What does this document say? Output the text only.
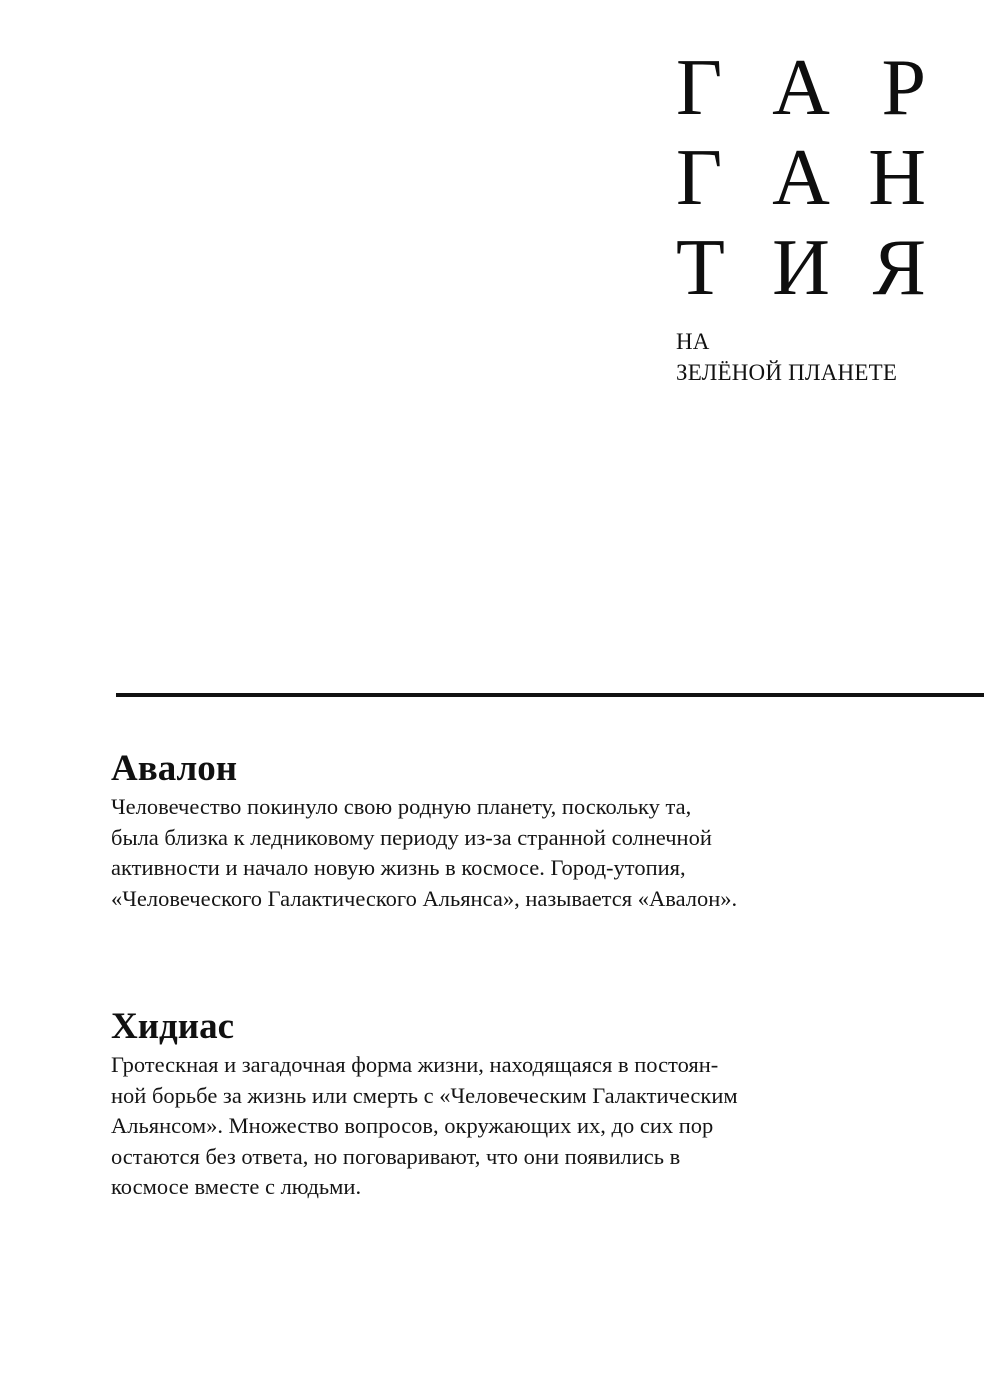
Г А Р
Г А Н
Т И Я
НА
ЗЕЛЁНОЙ ПЛАНЕТЕ
Авалон

Человечество покинуло свою родную планету, поскольку та,
была близка к ледниковому периоду из-за странной солнечной
активности и начало новую жизнь в космосе. Город-утопия,
«Человеческого Галактического Альянса», называется «Авалон».

Хидиас

Гротескная и загадочная форма жизни, находящаяся в постоян-
ной борьбе за жизнь или смерть с «Человеческим Галактическим
Альянсом». Множество вопросов, окружающих их, до сих пор
остаются без ответа, но поговаривают, что они появились в
космосе вместе с людьми.
